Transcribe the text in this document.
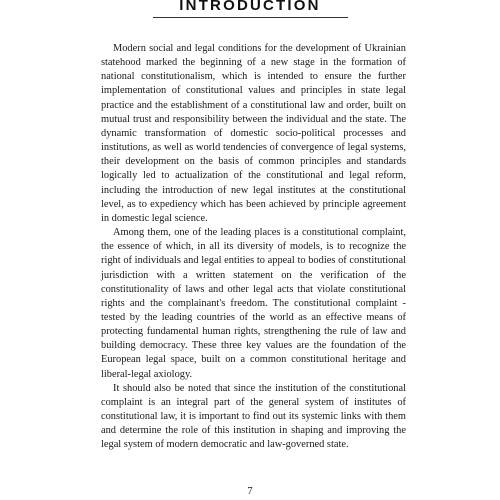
INTRODUCTION

Modern social and legal conditions for the development of Ukrainian statehood marked the beginning of a new stage in the formation of national constitutionalism, which is intended to ensure the further implementation of constitutional values and principles in state legal practice and the establishment of a constitutional law and order, built on mutual trust and responsibility between the individual and the state. The dynamic transformation of domestic socio-political processes and institutions, as well as world tendencies of convergence of legal systems, their development on the basis of common principles and standards logically led to actualization of the constitutional and legal reform, including the introduction of new legal institutes at the constitutional level, as to expediency which has been achieved by principle agreement in domestic legal science.

Among them, one of the leading places is a constitutional complaint, the essence of which, in all its diversity of models, is to recognize the right of individuals and legal entities to appeal to bodies of constitutional jurisdiction with a written statement on the verification of the constitutionality of laws and other legal acts that violate constitutional rights and the complainant's freedom. The constitutional complaint - tested by the leading countries of the world as an effective means of protecting fundamental human rights, strengthening the rule of law and building democracy. These three key values are the foundation of the European legal space, built on a common constitutional heritage and liberal-legal axiology.

It should also be noted that since the institution of the constitutional complaint is an integral part of the general system of institutes of constitutional law, it is important to find out its systemic links with them and determine the role of this institution in shaping and improving the legal system of modern democratic and law-governed state.

7
